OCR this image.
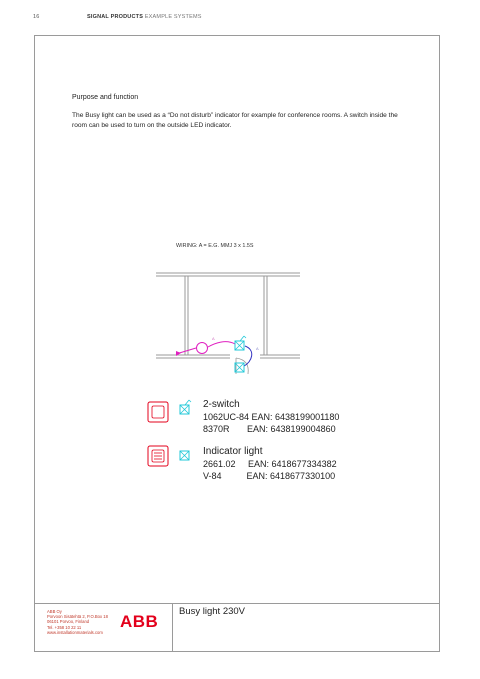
16	SIGNAL PRODUCTS EXAMPLE SYSTEMS
Purpose and function
The Busy light can be used as a “Do not disturb” indicator for example for conference rooms. A switch inside the room can be used to turn on the outside LED indicator.
WIRING: A = E.G. MMJ 3 x 1.5S
A
A
2-switch
1062UC-84 EAN: 6438199001180
8370R       EAN: 6438199004860
Indicator light
2661.02     EAN: 6418677334382
V-84          EAN: 6418677330100
ABB Oy
Porvoon Sisätehtä 2, P.O.Box 18
06101 Porvoo, Finland
Tel. +358 10 22 11
www.installationmaterials.com
ABB
Busy light 230V
